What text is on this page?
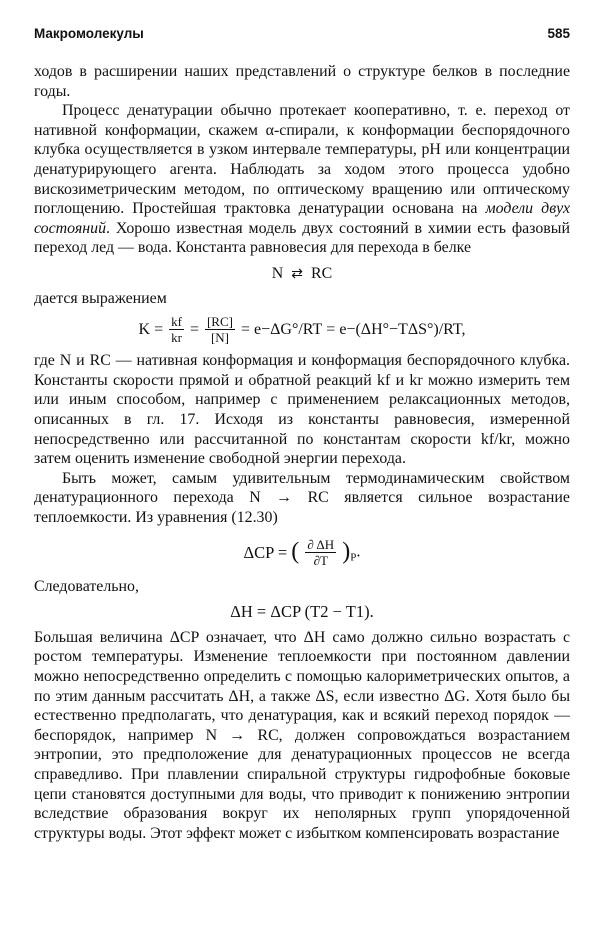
Макромолекулы	585

ходов в расширении наших представлений о структуре белков в последние годы.

Процесс денатурации обычно протекает кооперативно, т. е. переход от нативной конформации, скажем α-спирали, к конформации беспорядочного клубка осуществляется в узком интервале температуры, pH или концентрации денатурирующего агента. Наблюдать за ходом этого процесса удобно вискозиметрическим методом, по оптическому вращению или оптическому поглощению. Простейшая трактовка денатурации основана на модели двух состояний. Хорошо известная модель двух состояний в химии есть фазовый переход лед — вода. Константа равновесия для перехода в белке

N ⇄ RC

дается выражением

$K = \frac{kf}{kr} = \frac{[RC]}{[N]} = e-\Delta G^\circ/RT = e-(\Delta H^\circ-T\Delta S^\circ)/RT$,

где N и RC — нативная конформация и конформация беспорядочного клубка. Константы скорости прямой и обратной реакций kf и kr можно измерить тем или иным способом, например с применением релаксационных методов, описанных в гл. 17. Исходя из константы равновесия, измеренной непосредственно или рассчитанной по константам скорости kf/kr, можно затем оценить изменение свободной энергии перехода.

Быть может, самым удивительным термодинамическим свойством денатурационного перехода N → RC является сильное возрастание теплоемкости. Из уравнения (12.30)

ΔCP = ( $\frac{\partial \Delta H}{\partial T} )_P$.

Следовательно,

ΔH = ΔCP (T2 − T1).

Большая величина ΔCP означает, что ΔH само должно сильно возрастать с ростом температуры. Изменение теплоемкости при постоянном давлении можно непосредственно определить с помощью калориметрических опытов, а по этим данным рассчитать ΔH, а также ΔS, если известно ΔG. Хотя было бы естественно предполагать, что денатурация, как и всякий переход порядок — беспорядок, например N → RC, должен сопровождаться возрастанием энтропии, это предположение для денатурационных процессов не всегда справедливо. При плавлении спиральной структуры гидрофобные боковые цепи становятся доступными для воды, что приводит к понижению энтропии вследствие образования вокруг их неполярных групп упорядоченной структуры воды. Этот эффект может с избытком компенсировать возрастание
